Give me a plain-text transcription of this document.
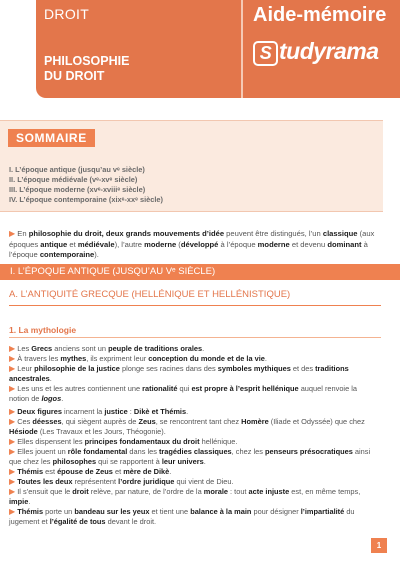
DROIT
PHILOSOPHIE
DU DROIT
Aide-mémoire
S tudyrama
SOMMAIRE
I. L’époque antique (jusqu’au vᵉ siècle)
II. L’époque médiévale (vᵉ-xvᵉ siècle)
III. L’époque moderne (xvᵉ-xviiiᵉ siècle)
IV. L’époque contemporaine (xixᵉ-xxᵉ siècle)
▶ En philosophie du droit, deux grands mouvements d’idée peuvent être distingués, l’un classique (aux époques antique et médiévale), l’autre moderne (développé à l’époque moderne et devenu dominant à l’époque contemporaine).
I. L’ÉPOQUE ANTIQUE (JUSQU’AU Vᵉ SIÈCLE)
A. L’ANTIQUITÉ GRECQUE (HELLÉNIQUE ET HELLÉNISTIQUE)
1. La mythologie
▶ Les Grecs anciens sont un peuple de traditions orales.
▶ À travers les mythes, ils expriment leur conception du monde et de la vie.
▶ Leur philosophie de la justice plonge ses racines dans des symboles mythiques et des traditions ancestrales.
▶ Les uns et les autres contiennent une rationalité qui est propre à l’esprit hellénique auquel renvoie la notion de logos.
▶ Deux figures incarnent la justice : Dikè et Thémis.
▶ Ces déesses, qui siègent auprès de Zeus, se rencontrent tant chez Homère (Iliade et Odyssée) que chez Hésiode (Les Travaux et les Jours, Théogonie).
▶ Elles dispensent les principes fondamentaux du droit hellénique.
▶ Elles jouent un rôle fondamental dans les tragédies classiques, chez les penseurs présocratiques ainsi que chez les philosophes qui se rapportent à leur univers.
▶ Thémis est épouse de Zeus et mère de Dikè.
▶ Toutes les deux représentent l’ordre juridique qui vient de Dieu.
▶ Il s’ensuit que le droit relève, par nature, de l’ordre de la morale : tout acte injuste est, en même temps, impie.
▶ Thémis porte un bandeau sur les yeux et tient une balance à la main pour désigner l’impartialité du jugement et l’égalité de tous devant le droit.
1
